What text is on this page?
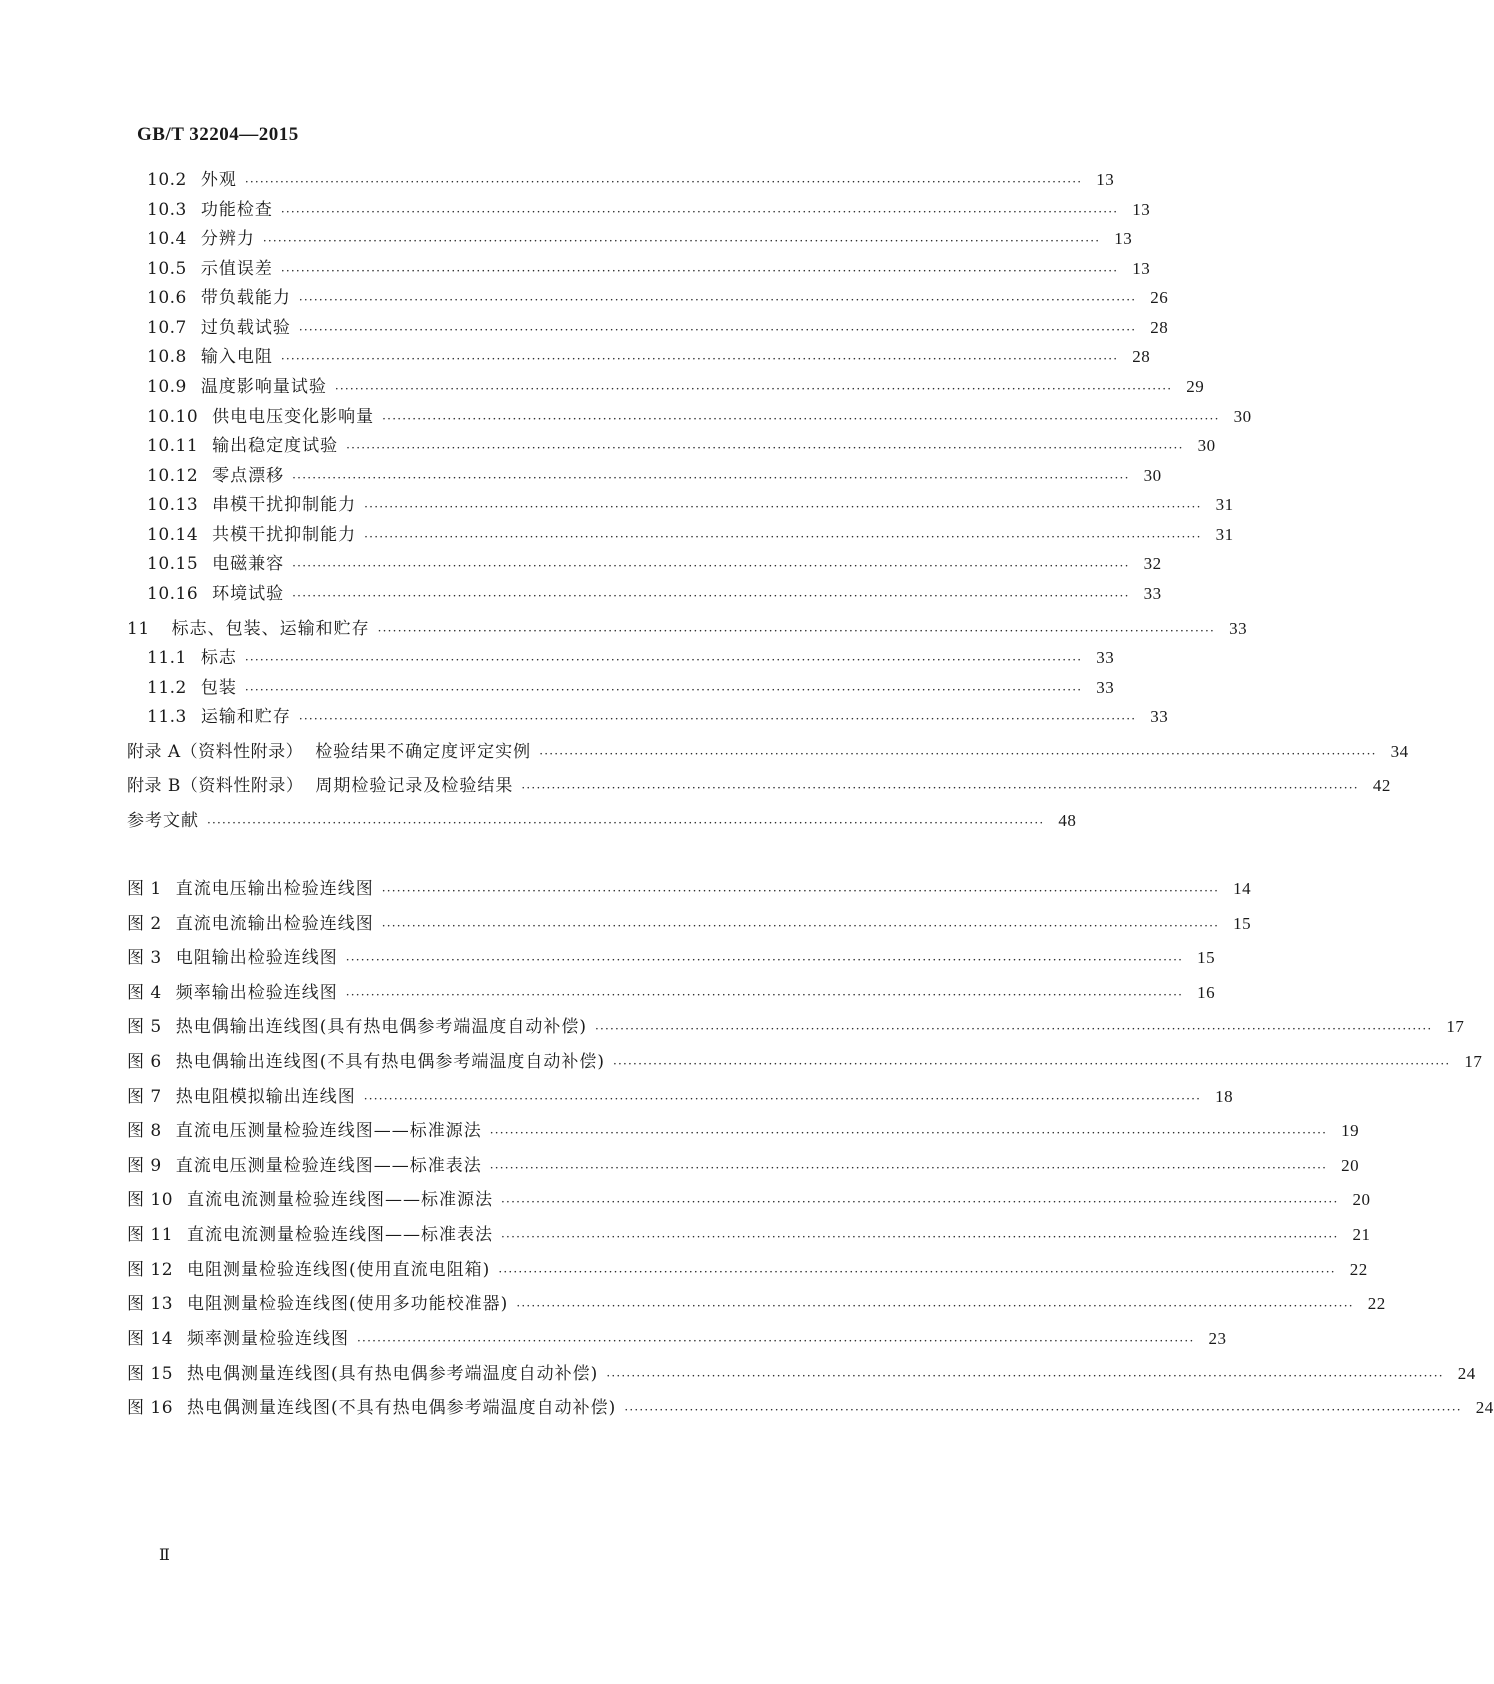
GB/T 32204—2015
10.2 外观 ······································································································································································· 13
10.3 功能检查 ······································································································································································· 13
10.4 分辨力 ······································································································································································· 13
10.5 示值误差 ······································································································································································· 13
10.6 带负载能力 ······································································································································································· 26
10.7 过负载试验 ······································································································································································· 28
10.8 输入电阻 ······································································································································································· 28
10.9 温度影响量试验 ······································································································································································· 29
10.10 供电电压变化影响量 ······································································································································································· 30
10.11 输出稳定度试验 ······································································································································································· 30
10.12 零点漂移 ······································································································································································· 30
10.13 串模干扰抑制能力 ······································································································································································· 31
10.14 共模干扰抑制能力 ······································································································································································· 31
10.15 电磁兼容 ······································································································································································· 32
10.16 环境试验 ······································································································································································· 33
11 标志、包装、运输和贮存 ······································································································································································· 33
11.1 标志 ······································································································································································· 33
11.2 包装 ······································································································································································· 33
11.3 运输和贮存 ······································································································································································· 33
附录 A（资料性附录） 检验结果不确定度评定实例 ······································································································································································· 34
附录 B（资料性附录） 周期检验记录及检验结果 ······································································································································································· 42
参考文献 ······································································································································································· 48
图 1 直流电压输出检验连线图 ······································································································································································· 14
图 2 直流电流输出检验连线图 ······································································································································································· 15
图 3 电阻输出检验连线图 ······································································································································································· 15
图 4 频率输出检验连线图 ······································································································································································· 16
图 5 热电偶输出连线图(具有热电偶参考端温度自动补偿) ······································································································································································· 17
图 6 热电偶输出连线图(不具有热电偶参考端温度自动补偿) ······································································································································································· 17
图 7 热电阻模拟输出连线图 ······································································································································································· 18
图 8 直流电压测量检验连线图——标准源法 ······································································································································································· 19
图 9 直流电压测量检验连线图——标准表法 ······································································································································································· 20
图 10 直流电流测量检验连线图——标准源法 ······································································································································································· 20
图 11 直流电流测量检验连线图——标准表法 ······································································································································································· 21
图 12 电阻测量检验连线图(使用直流电阻箱) ······································································································································································· 22
图 13 电阻测量检验连线图(使用多功能校准器) ······································································································································································· 22
图 14 频率测量检验连线图 ······································································································································································· 23
图 15 热电偶测量连线图(具有热电偶参考端温度自动补偿) ······································································································································································· 24
图 16 热电偶测量连线图(不具有热电偶参考端温度自动补偿) ······································································································································································· 24
Ⅱ
